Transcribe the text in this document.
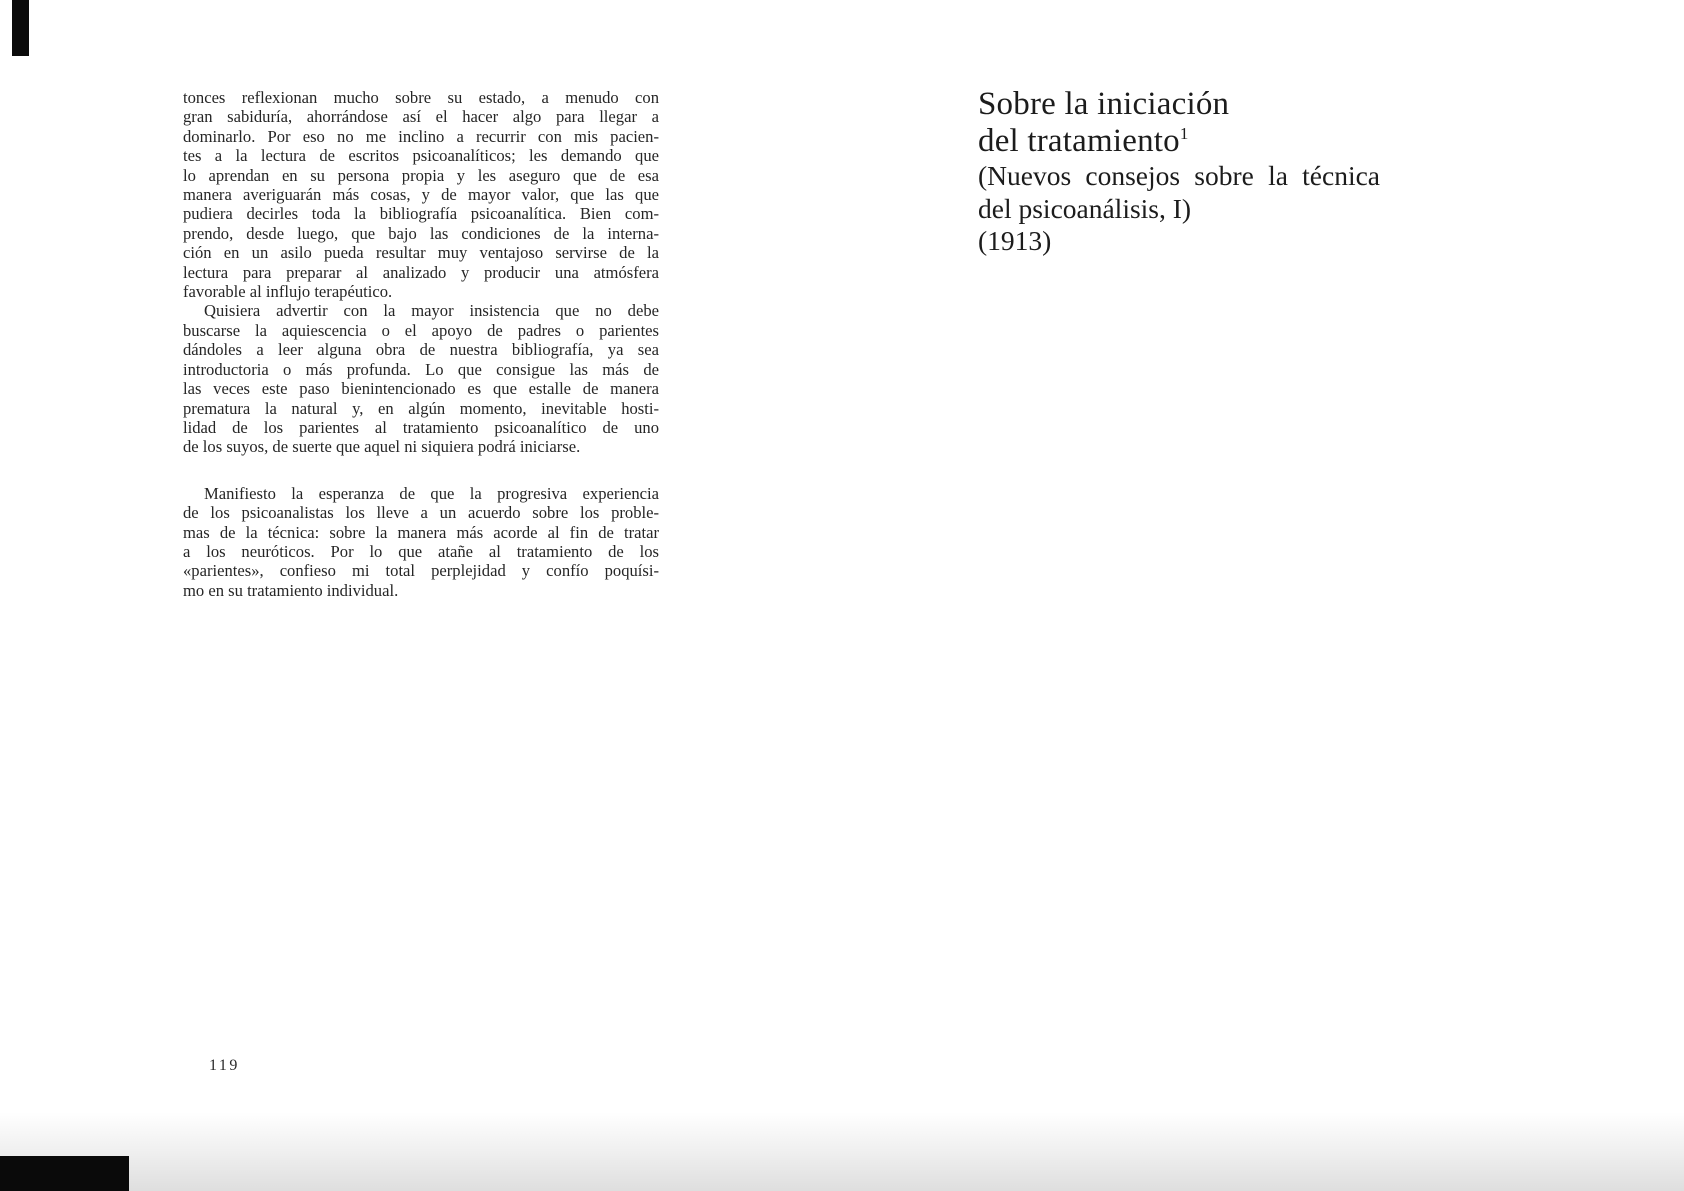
tonces reflexionan mucho sobre su estado, a menudo con
gran sabiduría, ahorrándose así el hacer algo para llegar a
dominarlo. Por eso no me inclino a recurrir con mis pacien-
tes a la lectura de escritos psicoanalíticos; les demando que
lo aprendan en su persona propia y les aseguro que de esa
manera averiguarán más cosas, y de mayor valor, que las que
pudiera decirles toda la bibliografía psicoanalítica. Bien com-
prendo, desde luego, que bajo las condiciones de la interna-
ción en un asilo pueda resultar muy ventajoso servirse de la
lectura para preparar al analizado y producir una atmósfera
favorable al influjo terapéutico.
Quisiera advertir con la mayor insistencia que no debe
buscarse la aquiescencia o el apoyo de padres o parientes
dándoles a leer alguna obra de nuestra bibliografía, ya sea
introductoria o más profunda. Lo que consigue las más de
las veces este paso bienintencionado es que estalle de manera
prematura la natural y, en algún momento, inevitable hosti-
lidad de los parientes al tratamiento psicoanalítico de uno
de los suyos, de suerte que aquel ni siquiera podrá iniciarse.
Manifiesto la esperanza de que la progresiva experiencia
de los psicoanalistas los lleve a un acuerdo sobre los proble-
mas de la técnica: sobre la manera más acorde al fin de tratar
a los neuróticos. Por lo que atañe al tratamiento de los
«parientes», confieso mi total perplejidad y confío poquísi-
mo en su tratamiento individual.
119
Sobre la iniciación
del tratamiento$^1$
(Nuevos consejos sobre la técnica
del psicoanálisis, I)
(1913)
